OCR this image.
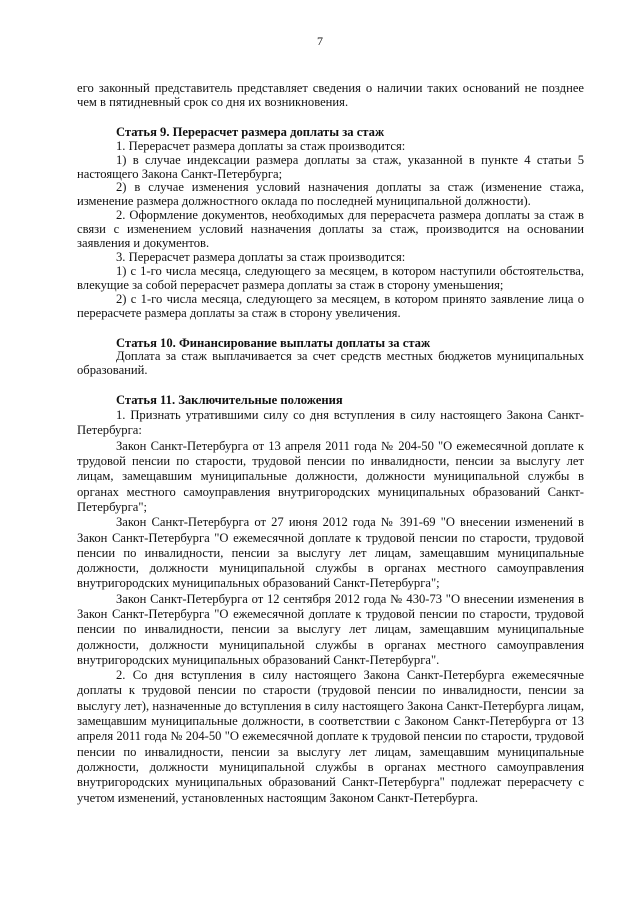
7

его законный представитель представляет сведения о наличии таких оснований не позднее чем в пятидневный срок со дня их возникновения.

Статья 9. Перерасчет размера доплаты за стаж

1. Перерасчет размера доплаты за стаж производится:

1) в случае индексации размера доплаты за стаж, указанной в пункте 4 статьи 5 настоящего Закона Санкт-Петербурга;

2) в случае изменения условий назначения доплаты за стаж (изменение стажа, изменение размера должностного оклада по последней муниципальной должности).

2. Оформление документов, необходимых для перерасчета размера доплаты за стаж в связи с изменением условий назначения доплаты за стаж, производится на основании заявления и документов.

3. Перерасчет размера доплаты за стаж производится:

1) с 1-го числа месяца, следующего за месяцем, в котором наступили обстоятельства, влекущие за собой перерасчет размера доплаты за стаж в сторону уменьшения;

2) с 1-го числа месяца, следующего за месяцем, в котором принято заявление лица о перерасчете размера доплаты за стаж в сторону увеличения.

Статья 10. Финансирование выплаты доплаты за стаж

Доплата за стаж выплачивается за счет средств местных бюджетов муниципальных образований.

Статья 11. Заключительные положения

1. Признать утратившими силу со дня вступления в силу настоящего Закона Санкт-Петербурга:

Закон Санкт-Петербурга от 13 апреля 2011 года № 204-50 "О ежемесячной доплате к трудовой пенсии по старости, трудовой пенсии по инвалидности, пенсии за выслугу лет лицам, замещавшим муниципальные должности, должности муниципальной службы в органах местного самоуправления внутригородских муниципальных образований Санкт-Петербурга";

Закон Санкт-Петербурга от 27 июня 2012 года № 391-69 "О внесении изменений в Закон Санкт-Петербурга "О ежемесячной доплате к трудовой пенсии по старости, трудовой пенсии по инвалидности, пенсии за выслугу лет лицам, замещавшим муниципальные должности, должности муниципальной службы в органах местного самоуправления внутригородских муниципальных образований Санкт-Петербурга";

Закон Санкт-Петербурга от 12 сентября 2012 года № 430-73 "О внесении изменения в Закон Санкт-Петербурга "О ежемесячной доплате к трудовой пенсии по старости, трудовой пенсии по инвалидности, пенсии за выслугу лет лицам, замещавшим муниципальные должности, должности муниципальной службы в органах местного самоуправления внутригородских муниципальных образований Санкт-Петербурга".

2. Со дня вступления в силу настоящего Закона Санкт-Петербурга ежемесячные доплаты к трудовой пенсии по старости (трудовой пенсии по инвалидности, пенсии за выслугу лет), назначенные до вступления в силу настоящего Закона Санкт-Петербурга лицам, замещавшим муниципальные должности, в соответствии с Законом Санкт-Петербурга от 13 апреля 2011 года № 204-50 "О ежемесячной доплате к трудовой пенсии по старости, трудовой пенсии по инвалидности, пенсии за выслугу лет лицам, замещавшим муниципальные должности, должности муниципальной службы в органах местного самоуправления внутригородских муниципальных образований Санкт-Петербурга" подлежат перерасчету с учетом изменений, установленных настоящим Законом Санкт-Петербурга.
